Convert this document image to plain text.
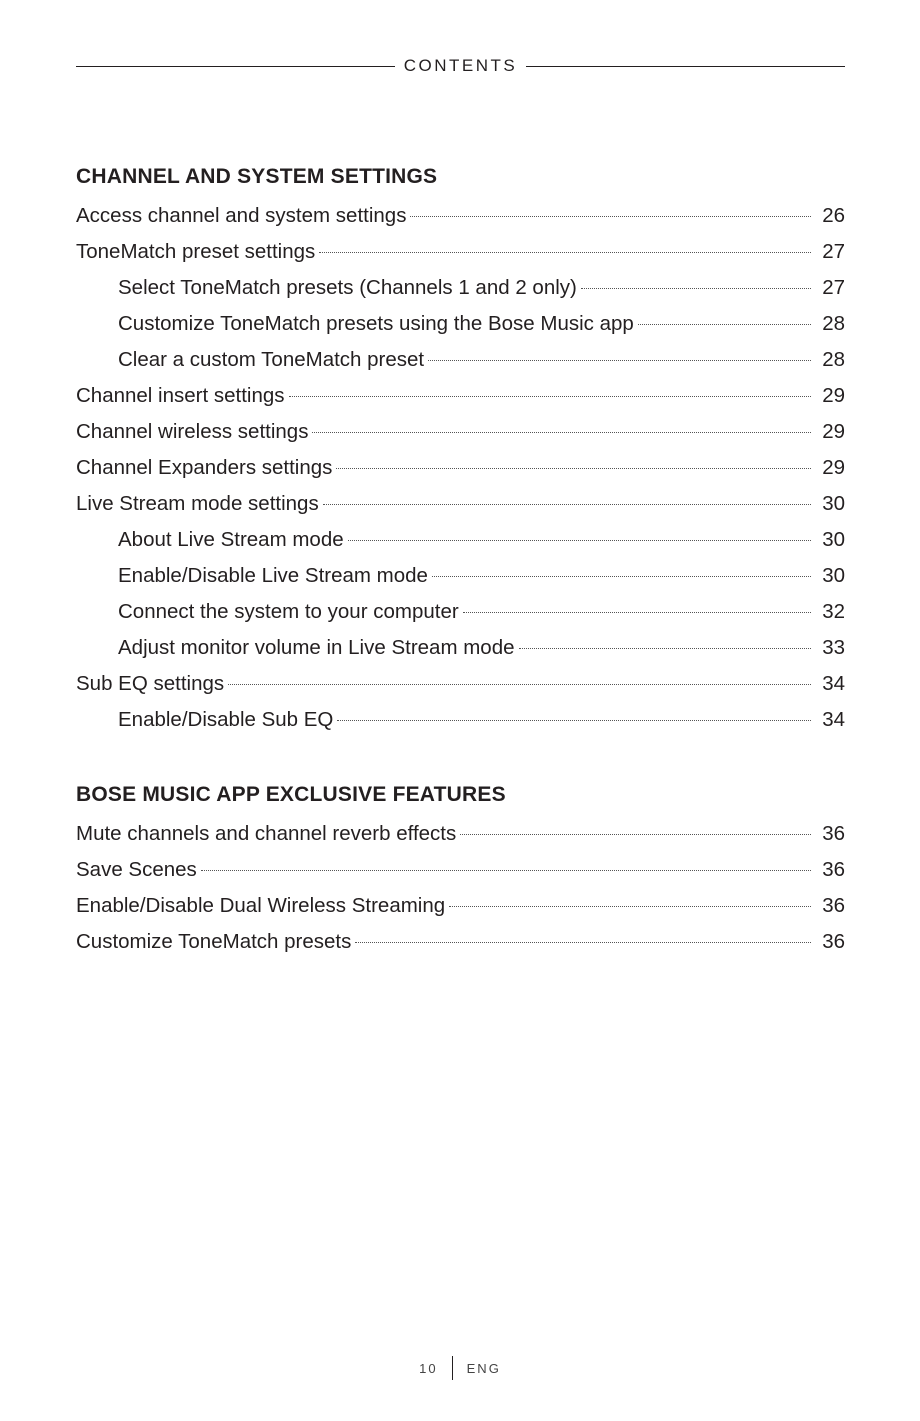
CONTENTS
CHANNEL AND SYSTEM SETTINGS
Access channel and system settings	26
ToneMatch preset settings	27
Select ToneMatch presets (Channels 1 and 2 only)	27
Customize ToneMatch presets using the Bose Music app	28
Clear a custom ToneMatch preset	28
Channel insert settings	29
Channel wireless settings	29
Channel Expanders settings	29
Live Stream mode settings	30
About Live Stream mode	30
Enable/Disable Live Stream mode	30
Connect the system to your computer	32
Adjust monitor volume in Live Stream mode	33
Sub EQ settings	34
Enable/Disable Sub EQ	34
BOSE MUSIC APP EXCLUSIVE FEATURES
Mute channels and channel reverb effects	36
Save Scenes	36
Enable/Disable Dual Wireless Streaming	36
Customize ToneMatch presets	36
10 ENG
